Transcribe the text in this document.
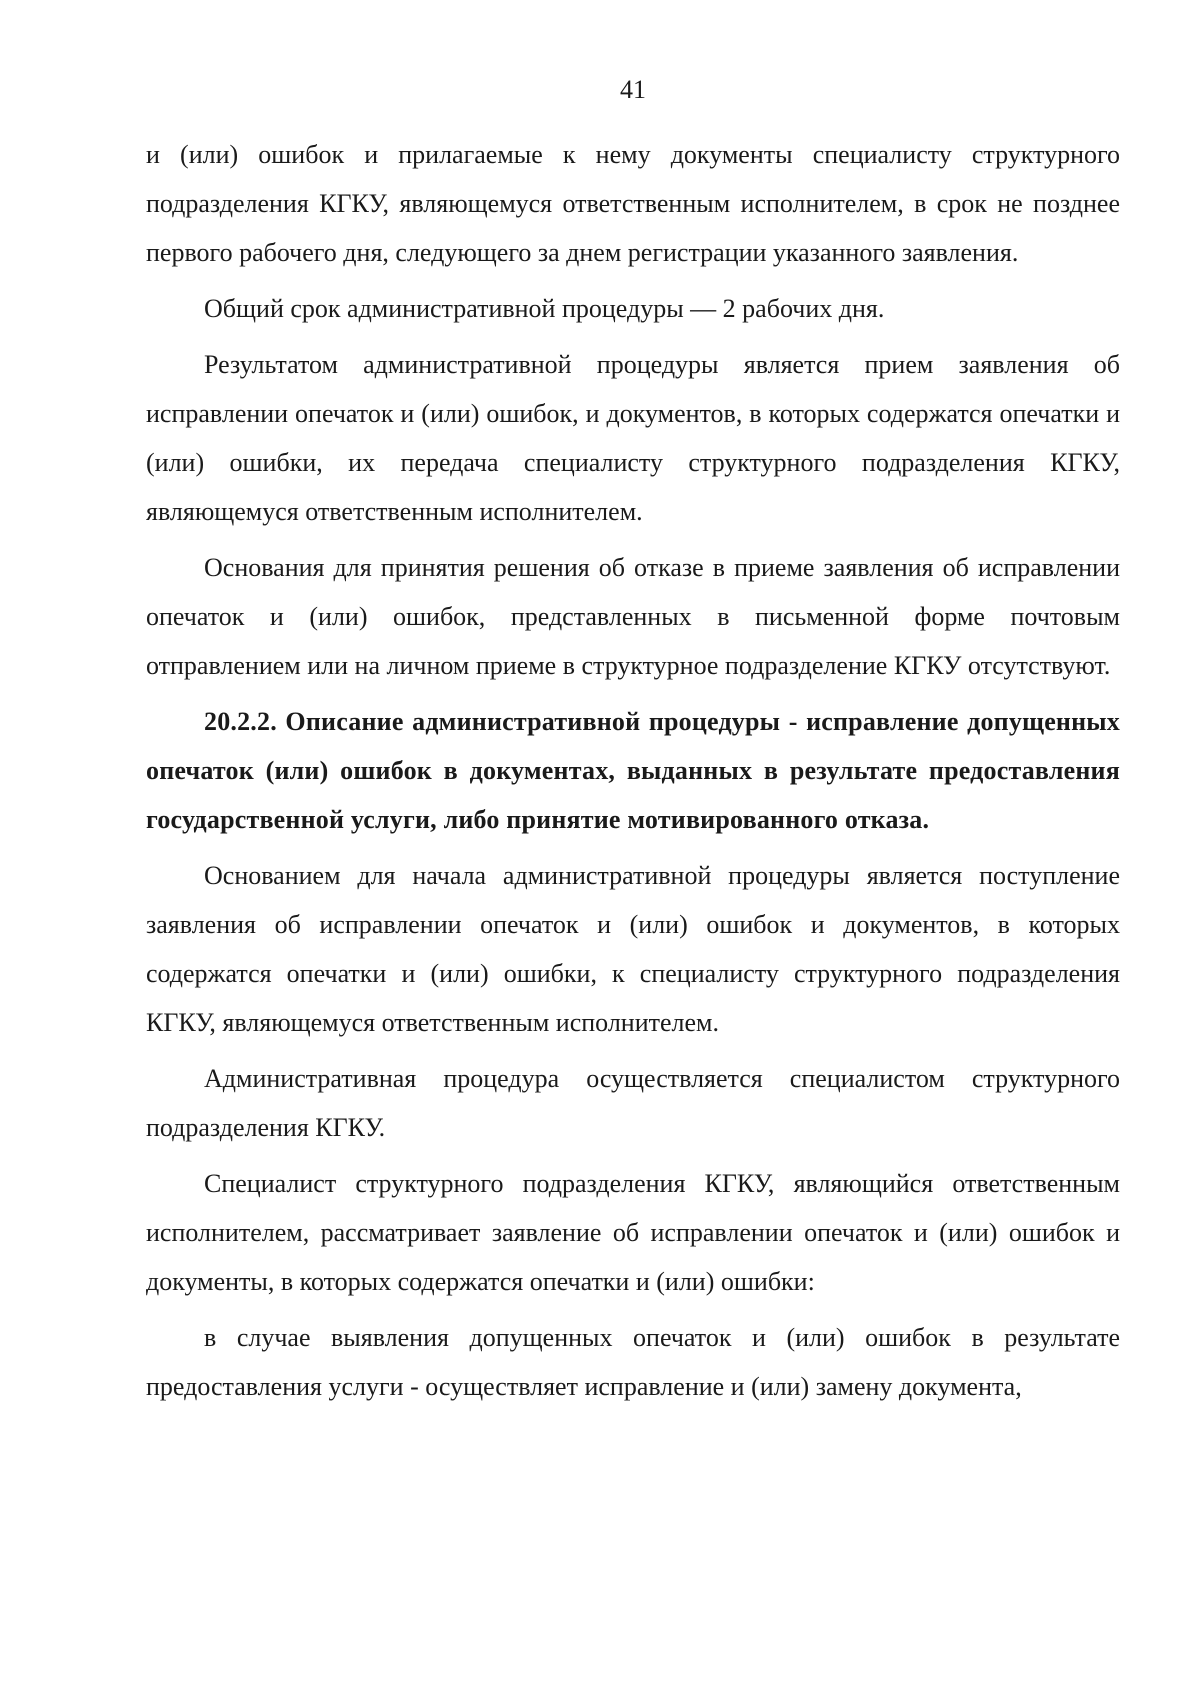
41

и (или) ошибок и прилагаемые к нему документы специалисту структурного подразделения КГКУ, являющемуся ответственным исполнителем, в срок не позднее первого рабочего дня, следующего за днем регистрации указанного заявления.

Общий срок административной процедуры — 2 рабочих дня.

Результатом административной процедуры является прием заявления об исправлении опечаток и (или) ошибок, и документов, в которых содержатся опечатки и (или) ошибки, их передача специалисту структурного подразделения КГКУ, являющемуся ответственным исполнителем.

Основания для принятия решения об отказе в приеме заявления об исправлении опечаток и (или) ошибок, представленных в письменной форме почтовым отправлением или на личном приеме в структурное подразделение КГКУ отсутствуют.

20.2.2. Описание административной процедуры - исправление допущенных опечаток (или) ошибок в документах, выданных в результате предоставления государственной услуги, либо принятие мотивированного отказа.

Основанием для начала административной процедуры является поступление заявления об исправлении опечаток и (или) ошибок и документов, в которых содержатся опечатки и (или) ошибки, к специалисту структурного подразделения КГКУ, являющемуся ответственным исполнителем.

Административная процедура осуществляется специалистом структурного подразделения КГКУ.

Специалист структурного подразделения КГКУ, являющийся ответственным исполнителем, рассматривает заявление об исправлении опечаток и (или) ошибок и документы, в которых содержатся опечатки и (или) ошибки:

в случае выявления допущенных опечаток и (или) ошибок в результате предоставления услуги - осуществляет исправление и (или) замену документа,
